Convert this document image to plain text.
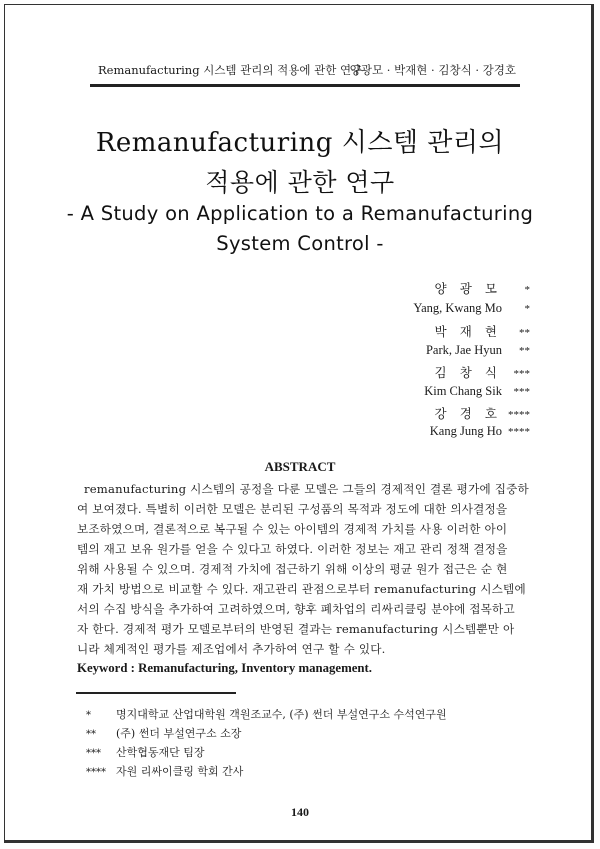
Remanufacturing 시스템 관리의 적용에 관한 연구
양광모 · 박재현 · 김창식 · 강경호
Remanufacturing 시스템 관리의
적용에 관한 연구
- A Study on Application to a Remanufacturing
System Control -
양 광 모 *
Yang, Kwang Mo *
박 재 현 **
Park, Jae Hyun **
김 창 식 ***
Kim Chang Sik ***
강 경 호 ****
Kang Jung Ho ****
ABSTRACT
remanufacturing 시스템의 공정을 다룬 모델은 그들의 경제적인 결론 평가에 집중하
여 보여졌다. 특별히 이러한 모델은 분리된 구성품의 목적과 정도에 대한 의사결정을
보조하였으며, 결론적으로 복구될 수 있는 아이템의 경제적 가치를 사용 이러한 아이
템의 재고 보유 원가를 얻을 수 있다고 하였다. 이러한 정보는 재고 관리 정책 결정을
위해 사용될 수 있으며. 경제적 가치에 접근하기 위해 이상의 평균 원가 접근은 순 현
재 가치 방법으로 비교할 수 있다. 재고관리 관점으로부터 remanufacturing 시스템에
서의 수집 방식을 추가하여 고려하였으며, 향후 폐차업의 리싸리클링 분야에 접목하고
자 한다. 경제적 평가 모델로부터의 반영된 결과는 remanufacturing 시스템뿐만 아
니라 체계적인 평가를 제조업에서 추가하여 연구 할 수 있다.
Keyword : Remanufacturing, Inventory management.
* 명지대학교 산업대학원 객원조교수, (주) 썬더 부설연구소 수석연구원
** (주) 썬더 부설연구소 소장
*** 산학협동재단 팀장
**** 자원 리싸이클링 학회 간사
140
